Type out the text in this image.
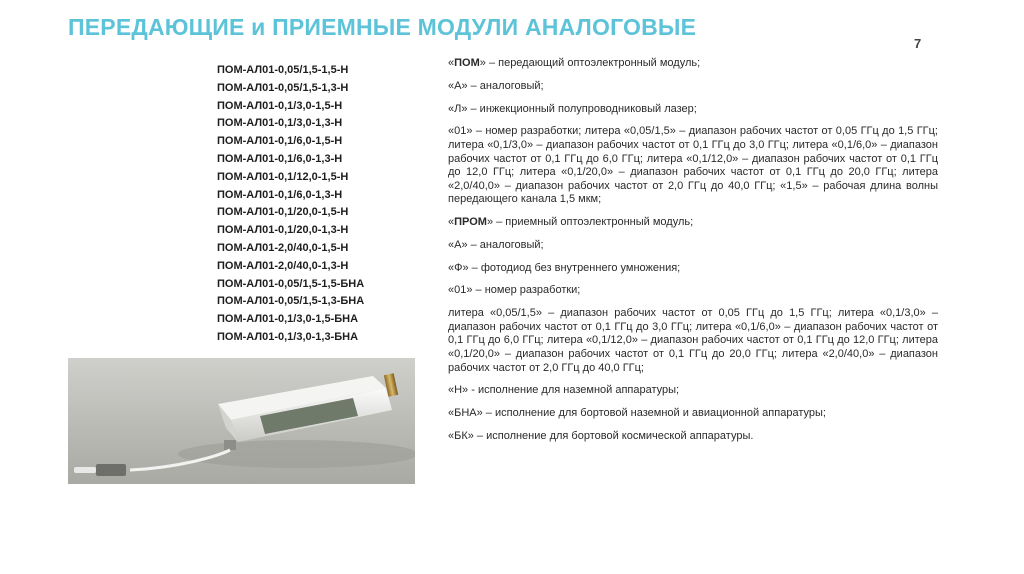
ПЕРЕДАЮЩИЕ и ПРИЕМНЫЕ МОДУЛИ АНАЛОГОВЫЕ
7
ПОМ-АЛ01-0,05/1,5-1,5-Н
ПОМ-АЛ01-0,05/1,5-1,3-Н
ПОМ-АЛ01-0,1/3,0-1,5-Н
ПОМ-АЛ01-0,1/3,0-1,3-Н
ПОМ-АЛ01-0,1/6,0-1,5-Н
ПОМ-АЛ01-0,1/6,0-1,3-Н
ПОМ-АЛ01-0,1/12,0-1,5-Н
ПОМ-АЛ01-0,1/6,0-1,3-Н
ПОМ-АЛ01-0,1/20,0-1,5-Н
ПОМ-АЛ01-0,1/20,0-1,3-Н
ПОМ-АЛ01-2,0/40,0-1,5-Н
ПОМ-АЛ01-2,0/40,0-1,3-Н
ПОМ-АЛ01-0,05/1,5-1,5-БНА
ПОМ-АЛ01-0,05/1,5-1,3-БНА
ПОМ-АЛ01-0,1/3,0-1,5-БНА
ПОМ-АЛ01-0,1/3,0-1,3-БНА

«ПОМ» – передающий оптоэлектронный модуль;

«А» – аналоговый;

«Л» – инжекционный полупроводниковый лазер;

«01» – номер разработки; литера «0,05/1,5» – диапазон рабочих частот от 0,05 ГГц до 1,5 ГГц; литера «0,1/3,0» – диапазон рабочих частот от 0,1 ГГц до 3,0 ГГц; литера «0,1/6,0» – диапазон рабочих частот от 0,1 ГГц до 6,0 ГГц; литера «0,1/12,0» – диапазон рабочих частот от 0,1 ГГц до 12,0 ГГц; литера «0,1/20,0» – диапазон рабочих частот от 0,1 ГГц до 20,0 ГГц; литера «2,0/40,0» – диапазон рабочих частот от 2,0 ГГц до 40,0 ГГц; «1,5» – рабочая длина волны передающего канала 1,5 мкм;

«ПРОМ» – приемный оптоэлектронный модуль;

«А» – аналоговый;

«Ф» – фотодиод без внутреннего умножения;

«01» – номер разработки;

литера «0,05/1,5» – диапазон рабочих частот от 0,05 ГГц до 1,5 ГГц; литера «0,1/3,0» – диапазон рабочих частот от 0,1 ГГц до 3,0 ГГц; литера «0,1/6,0» – диапазон рабочих частот от 0,1 ГГц до 6,0 ГГц; литера «0,1/12,0» – диапазон рабочих частот от 0,1 ГГц до 12,0 ГГц; литера «0,1/20,0» – диапазон рабочих частот от 0,1 ГГц до 20,0 ГГц; литера «2,0/40,0» – диапазон рабочих частот от 2,0 ГГц до 40,0 ГГц;

«Н» - исполнение для наземной аппаратуры;

«БНА» – исполнение для бортовой наземной и авиационной аппаратуры;

«БК» – исполнение для бортовой космической аппаратуры.
